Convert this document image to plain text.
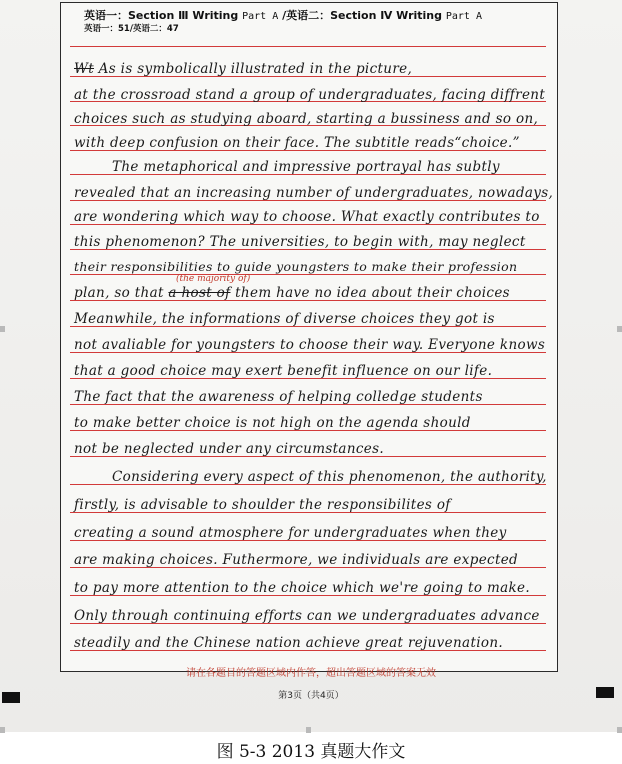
英语一：Section Ⅲ Writing Part A /英语二：Section Ⅳ Writing Part A
英语一：51/英语二：47
Wt As is symbolically illustrated in the picture,
at the crossroad stand a group of undergraduates, facing diffrent
choices such as studying aboard, starting a bussiness and so on,
with deep confusion on their face. The subtitle reads“choice.”
The metaphorical and impressive portrayal has subtly
revealed that an increasing number of undergraduates, nowadays,
are wondering which way to choose. What exactly contributes to
this phenomenon? The universities, to begin with, may neglect
their responsibilities to guide youngsters to make their profession
(the majority of)
plan, so that a host of them have no idea about their choices
Meanwhile, the informations of diverse choices they got is
not avaliable for youngsters to choose their way. Everyone knows
that a good choice may exert benefit influence on our life.
The fact that the awareness of helping colledge students
to make better choice is not high on the agenda should
not be neglected under any circumstances.
Considering every aspect of this phenomenon, the authority,
firstly, is advisable to shoulder the responsibilites of
creating a sound atmosphere for undergraduates when they
are making choices. Futhermore, we individuals are expected
to pay more attention to the choice which we're going to make.
Only through continuing efforts can we undergraduates advance
steadily and the Chinese nation achieve great rejuvenation.
请在各题目的答题区域内作答，超出答题区域的答案无效
第3页（共4页）
图 5-3 2013 真题大作文
